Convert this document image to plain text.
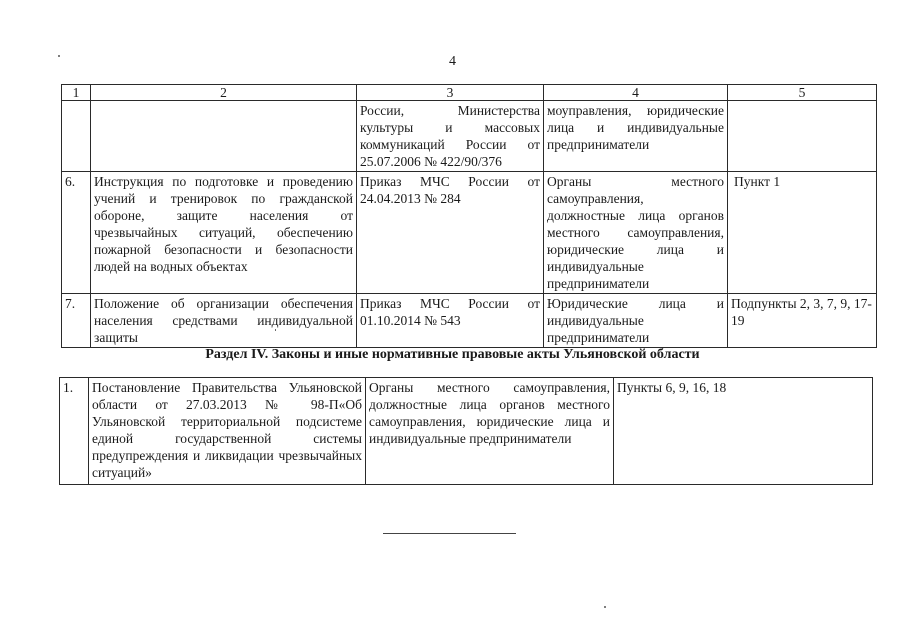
4
1	2	3	4	5
		России, Министерства культуры и массовых коммуникаций России от 25.07.2006 № 422/90/376	моуправления, юридические лица и индивидуальные предприниматели	
6.	Инструкция по подготовке и проведению учений и тренировок по гражданской обороне, защите населения от чрезвычайных ситуаций, обеспечению пожарной безопасности и безопасности людей на водных объектах	Приказ МЧС России от 24.04.2013 № 284	Органы местного самоуправления, должностные лица органов местного самоуправления, юридические лица и индивидуальные предприниматели	Пункт 1
7.	Положение об организации обеспечения населения средствами индивидуальной защиты	Приказ МЧС России от 01.10.2014 № 543	Юридические лица и индивидуальные предприниматели	Подпункты 2, 3, 7, 9, 17-19
Раздел IV. Законы и иные нормативные правовые акты Ульяновской области
1.	Постановление Правительства Ульяновской области от 27.03.2013 № 98-П«Об Ульяновской территориальной подсистеме единой государственной системы предупреждения и ликвидации чрезвычайных ситуаций»	Органы местного самоуправления, должностные лица органов местного самоуправления, юридические лица и индивидуальные предприниматели	Пункты 6, 9, 16, 18
